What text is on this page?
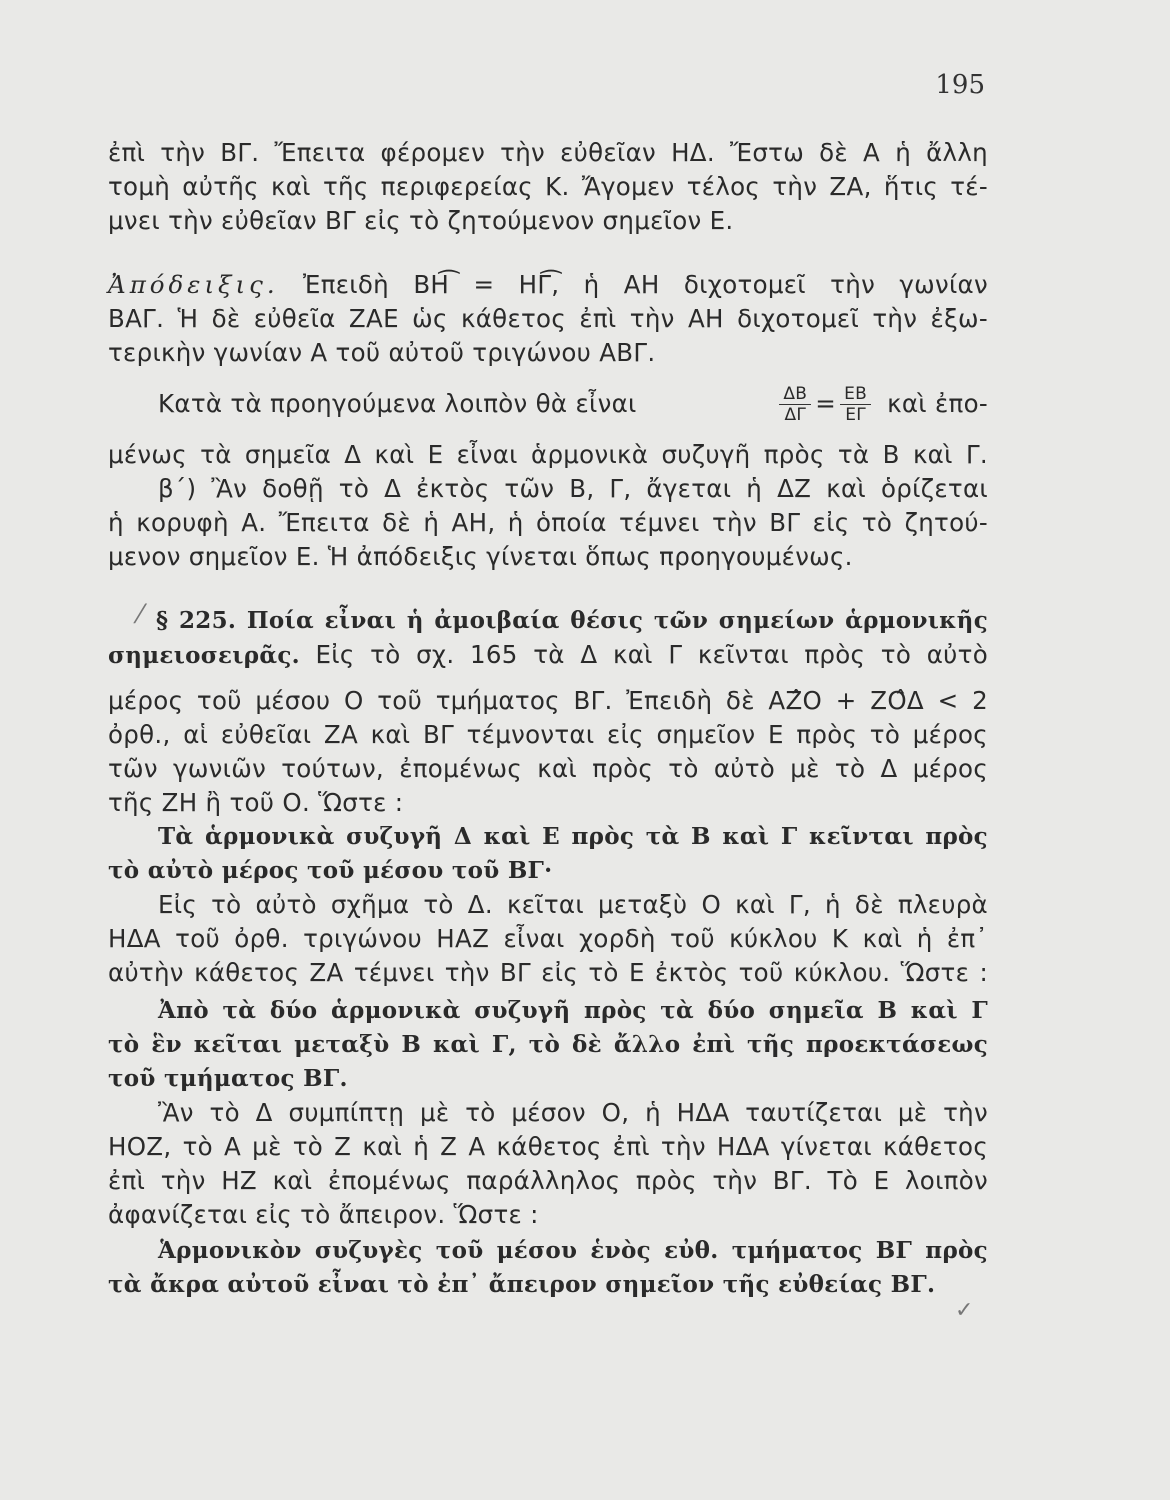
195
ἐπὶ τὴν ΒΓ. Ἔπειτα φέρομεν τὴν εὐθεῖαν ΗΔ. Ἔστω δὲ Α ἡ ἄλλη
τομὴ αὐτῆς καὶ τῆς περιφερείας Κ. Ἄγομεν τέλος τὴν ΖΑ, ἥτις τέ-
μνει τὴν εὐθεῖαν ΒΓ εἰς τὸ ζητούμενον σημεῖον Ε.
Ἀπόδειξις. Ἐπειδὴ ΒΗ͡ = ΗΓ͡, ἡ ΑΗ διχοτομεῖ τὴν γωνίαν
ΒΑΓ. Ἡ δὲ εὐθεῖα ΖΑΕ ὡς κάθετος ἐπὶ τὴν ΑΗ διχοτομεῖ τὴν ἐξω-
τερικὴν γωνίαν Α τοῦ αὐτοῦ τριγώνου ΑΒΓ.
Κατὰ τὰ προηγούμενα λοιπὸν θὰ εἶναι	$\frac{\Delta B}{\Delta\Gamma} = \frac{EB}{E\Gamma}$ καὶ ἐπο-
μένως τὰ σημεῖα Δ καὶ Ε εἶναι ἁρμονικὰ συζυγῆ πρὸς τὰ Β καὶ Γ.
β΄) Ἂν δοθῇ τὸ Δ ἐκτὸς τῶν Β, Γ, ἄγεται ἡ ΔΖ καὶ ὁρίζεται
ἡ κορυφὴ Α. Ἔπειτα δὲ ἡ ΑΗ, ἡ ὁποία τέμνει τὴν ΒΓ εἰς τὸ ζητού-
μενον σημεῖον Ε. Ἡ ἀπόδειξις γίνεται ὅπως προηγουμένως.
⁄ § 225. Ποία εἶναι ἡ ἀμοιβαία θέσις τῶν σημείων ἁρμονικῆς
σημειοσειρᾶς. Εἰς τὸ σχ. 165 τὰ Δ καὶ Γ κεῖνται πρὸς τὸ αὐτὸ
μέρος τοῦ μέσου Ο τοῦ τμήματος ΒΓ. Ἐπειδὴ δὲ ΑΖ̂Ο + ΖΟ̂Δ < 2
ὀρθ., αἱ εὐθεῖαι ΖΑ καὶ ΒΓ τέμνονται εἰς σημεῖον Ε πρὸς τὸ μέρος
τῶν γωνιῶν τούτων, ἐπομένως καὶ πρὸς τὸ αὐτὸ μὲ τὸ Δ μέρος
τῆς ΖΗ ἢ τοῦ Ο. Ὥστε :
Τὰ ἁρμονικὰ συζυγῆ Δ καὶ Ε πρὸς τὰ Β καὶ Γ κεῖνται πρὸς
τὸ αὐτὸ μέρος τοῦ μέσου τοῦ ΒΓ·
Εἰς τὸ αὐτὸ σχῆμα τὸ Δ. κεῖται μεταξὺ Ο καὶ Γ, ἡ δὲ πλευρὰ
ΗΔΑ τοῦ ὀρθ. τριγώνου ΗΑΖ εἶναι χορδὴ τοῦ κύκλου Κ καὶ ἡ ἐπ᾽
αὐτὴν κάθετος ΖΑ τέμνει τὴν ΒΓ εἰς τὸ Ε ἐκτὸς τοῦ κύκλου. Ὥστε :
Ἀπὸ τὰ δύο ἁρμονικὰ συζυγῆ πρὸς τὰ δύο σημεῖα Β καὶ Γ
τὸ ἓν κεῖται μεταξὺ Β καὶ Γ, τὸ δὲ ἄλλο ἐπὶ τῆς προεκτάσεως
τοῦ τμήματος ΒΓ.
Ἂν τὸ Δ συμπίπτῃ μὲ τὸ μέσον Ο, ἡ ΗΔΑ ταυτίζεται μὲ τὴν
ΗΟΖ, τὸ Α μὲ τὸ Ζ καὶ ἡ Ζ Α κάθετος ἐπὶ τὴν ΗΔΑ γίνεται κάθετος
ἐπὶ τὴν ΗΖ καὶ ἐπομένως παράλληλος πρὸς τὴν ΒΓ. Τὸ Ε λοιπὸν
ἀφανίζεται εἰς τὸ ἄπειρον. Ὥστε :
Ἁρμονικὸν συζυγὲς τοῦ μέσου ἑνὸς εὐθ. τμήματος ΒΓ πρὸς
τὰ ἄκρα αὐτοῦ εἶναι τὸ ἐπ᾽ ἄπειρον σημεῖον τῆς εὐθείας ΒΓ.
✓
